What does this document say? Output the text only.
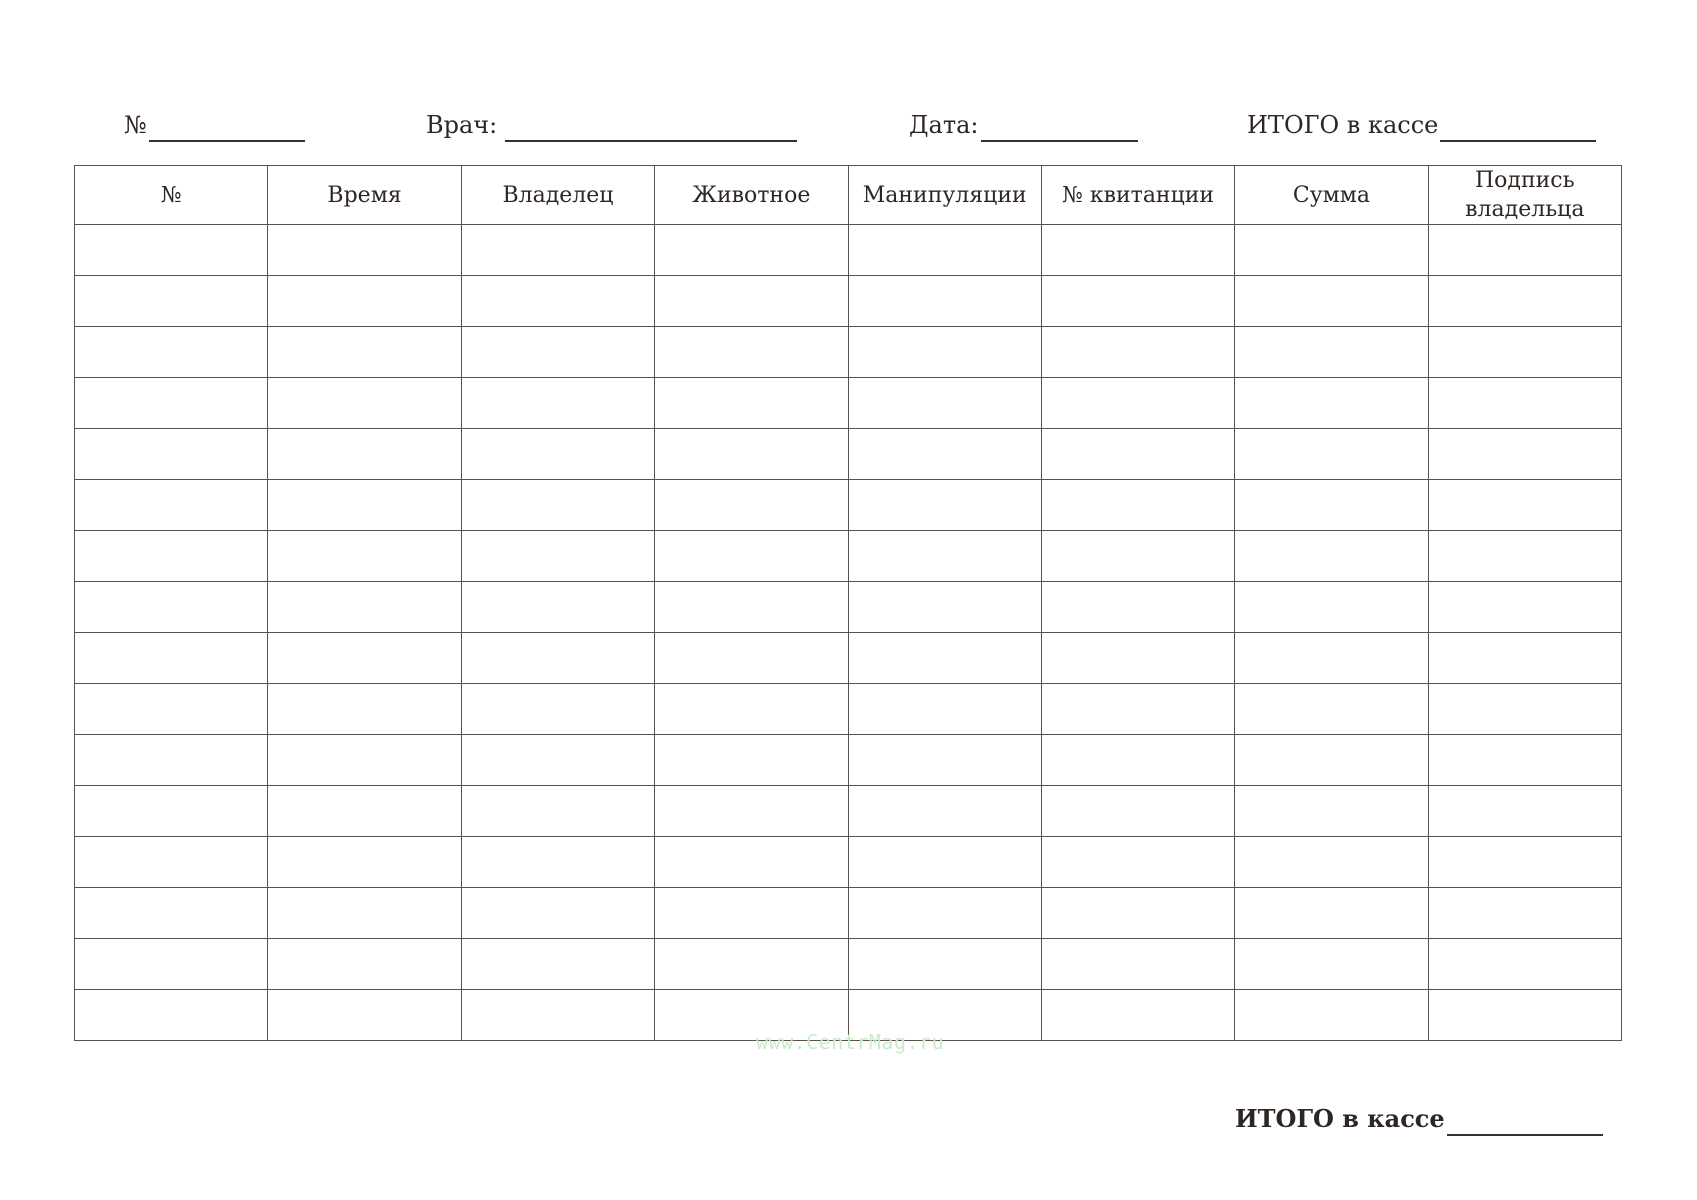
№	Врач:	Дата:	ИТОГО в кассе
№	Время	Владелец	Животное	Манипуляции	№ квитанции	Сумма	Подпись владельца

www.CentrMag.ru
ИТОГО в кассе
